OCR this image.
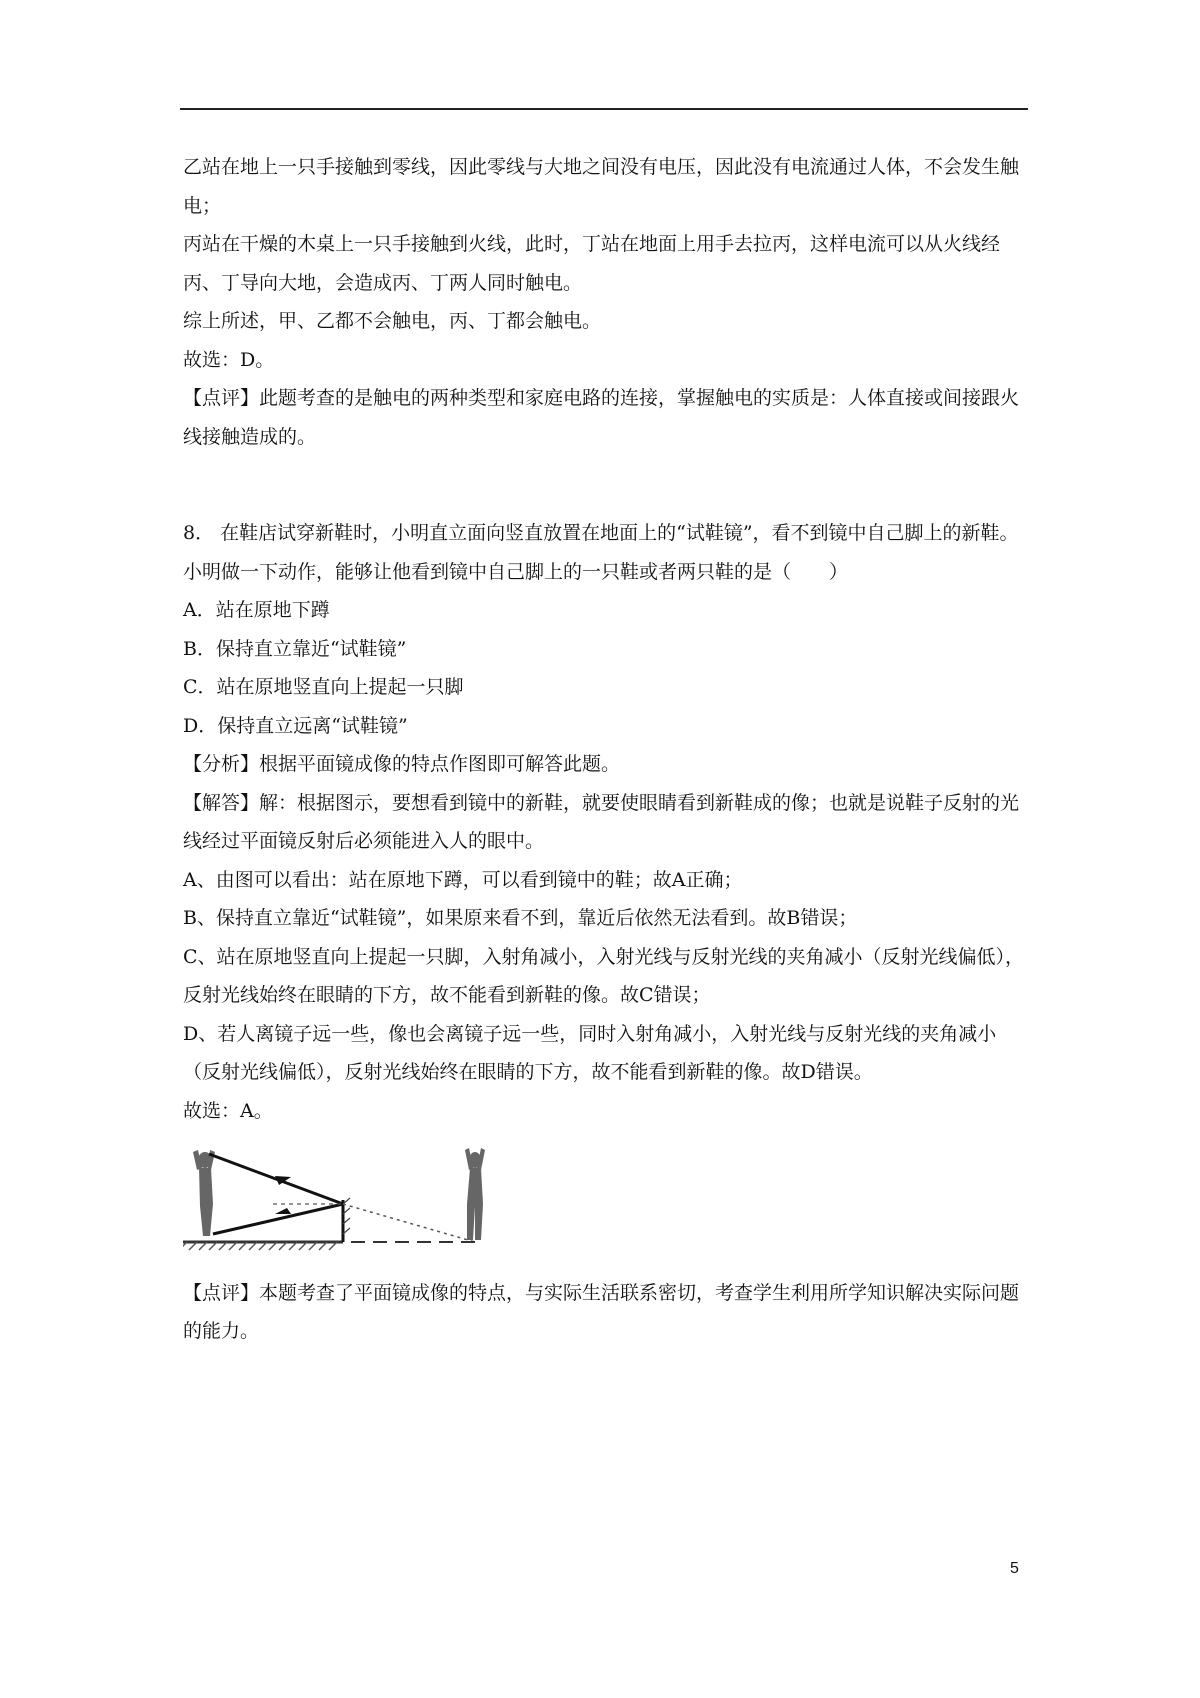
乙站在地上一只手接触到零线，因此零线与大地之间没有电压，因此没有电流通过人体，不会发生触电；

丙站在干燥的木桌上一只手接触到火线，此时，丁站在地面上用手去拉丙，这样电流可以从火线经丙、丁导向大地，会造成丙、丁两人同时触电。

综上所述，甲、乙都不会触电，丙、丁都会触电。

故选：D。

【点评】此题考查的是触电的两种类型和家庭电路的连接，掌握触电的实质是：人体直接或间接跟火线接触造成的。

8． 在鞋店试穿新鞋时，小明直立面向竖直放置在地面上的“试鞋镜”，看不到镜中自己脚上的新鞋。小明做一下动作，能够让他看到镜中自己脚上的一只鞋或者两只鞋的是（　　）

A．站在原地下蹲

B．保持直立靠近“试鞋镜”

C．站在原地竖直向上提起一只脚

D．保持直立远离“试鞋镜”

【分析】根据平面镜成像的特点作图即可解答此题。

【解答】解：根据图示，要想看到镜中的新鞋，就要使眼睛看到新鞋成的像；也就是说鞋子反射的光线经过平面镜反射后必须能进入人的眼中。

A、由图可以看出：站在原地下蹲，可以看到镜中的鞋；故A正确；

B、保持直立靠近“试鞋镜”，如果原来看不到，靠近后依然无法看到。故B错误；

C、站在原地竖直向上提起一只脚，入射角减小，入射光线与反射光线的夹角减小（反射光线偏低），反射光线始终在眼睛的下方，故不能看到新鞋的像。故C错误；

D、若人离镜子远一些，像也会离镜子远一些，同时入射角减小，入射光线与反射光线的夹角减小（反射光线偏低），反射光线始终在眼睛的下方，故不能看到新鞋的像。故D错误。

故选：A。

【点评】本题考查了平面镜成像的特点，与实际生活联系密切，考查学生利用所学知识解决实际问题的能力。

5
